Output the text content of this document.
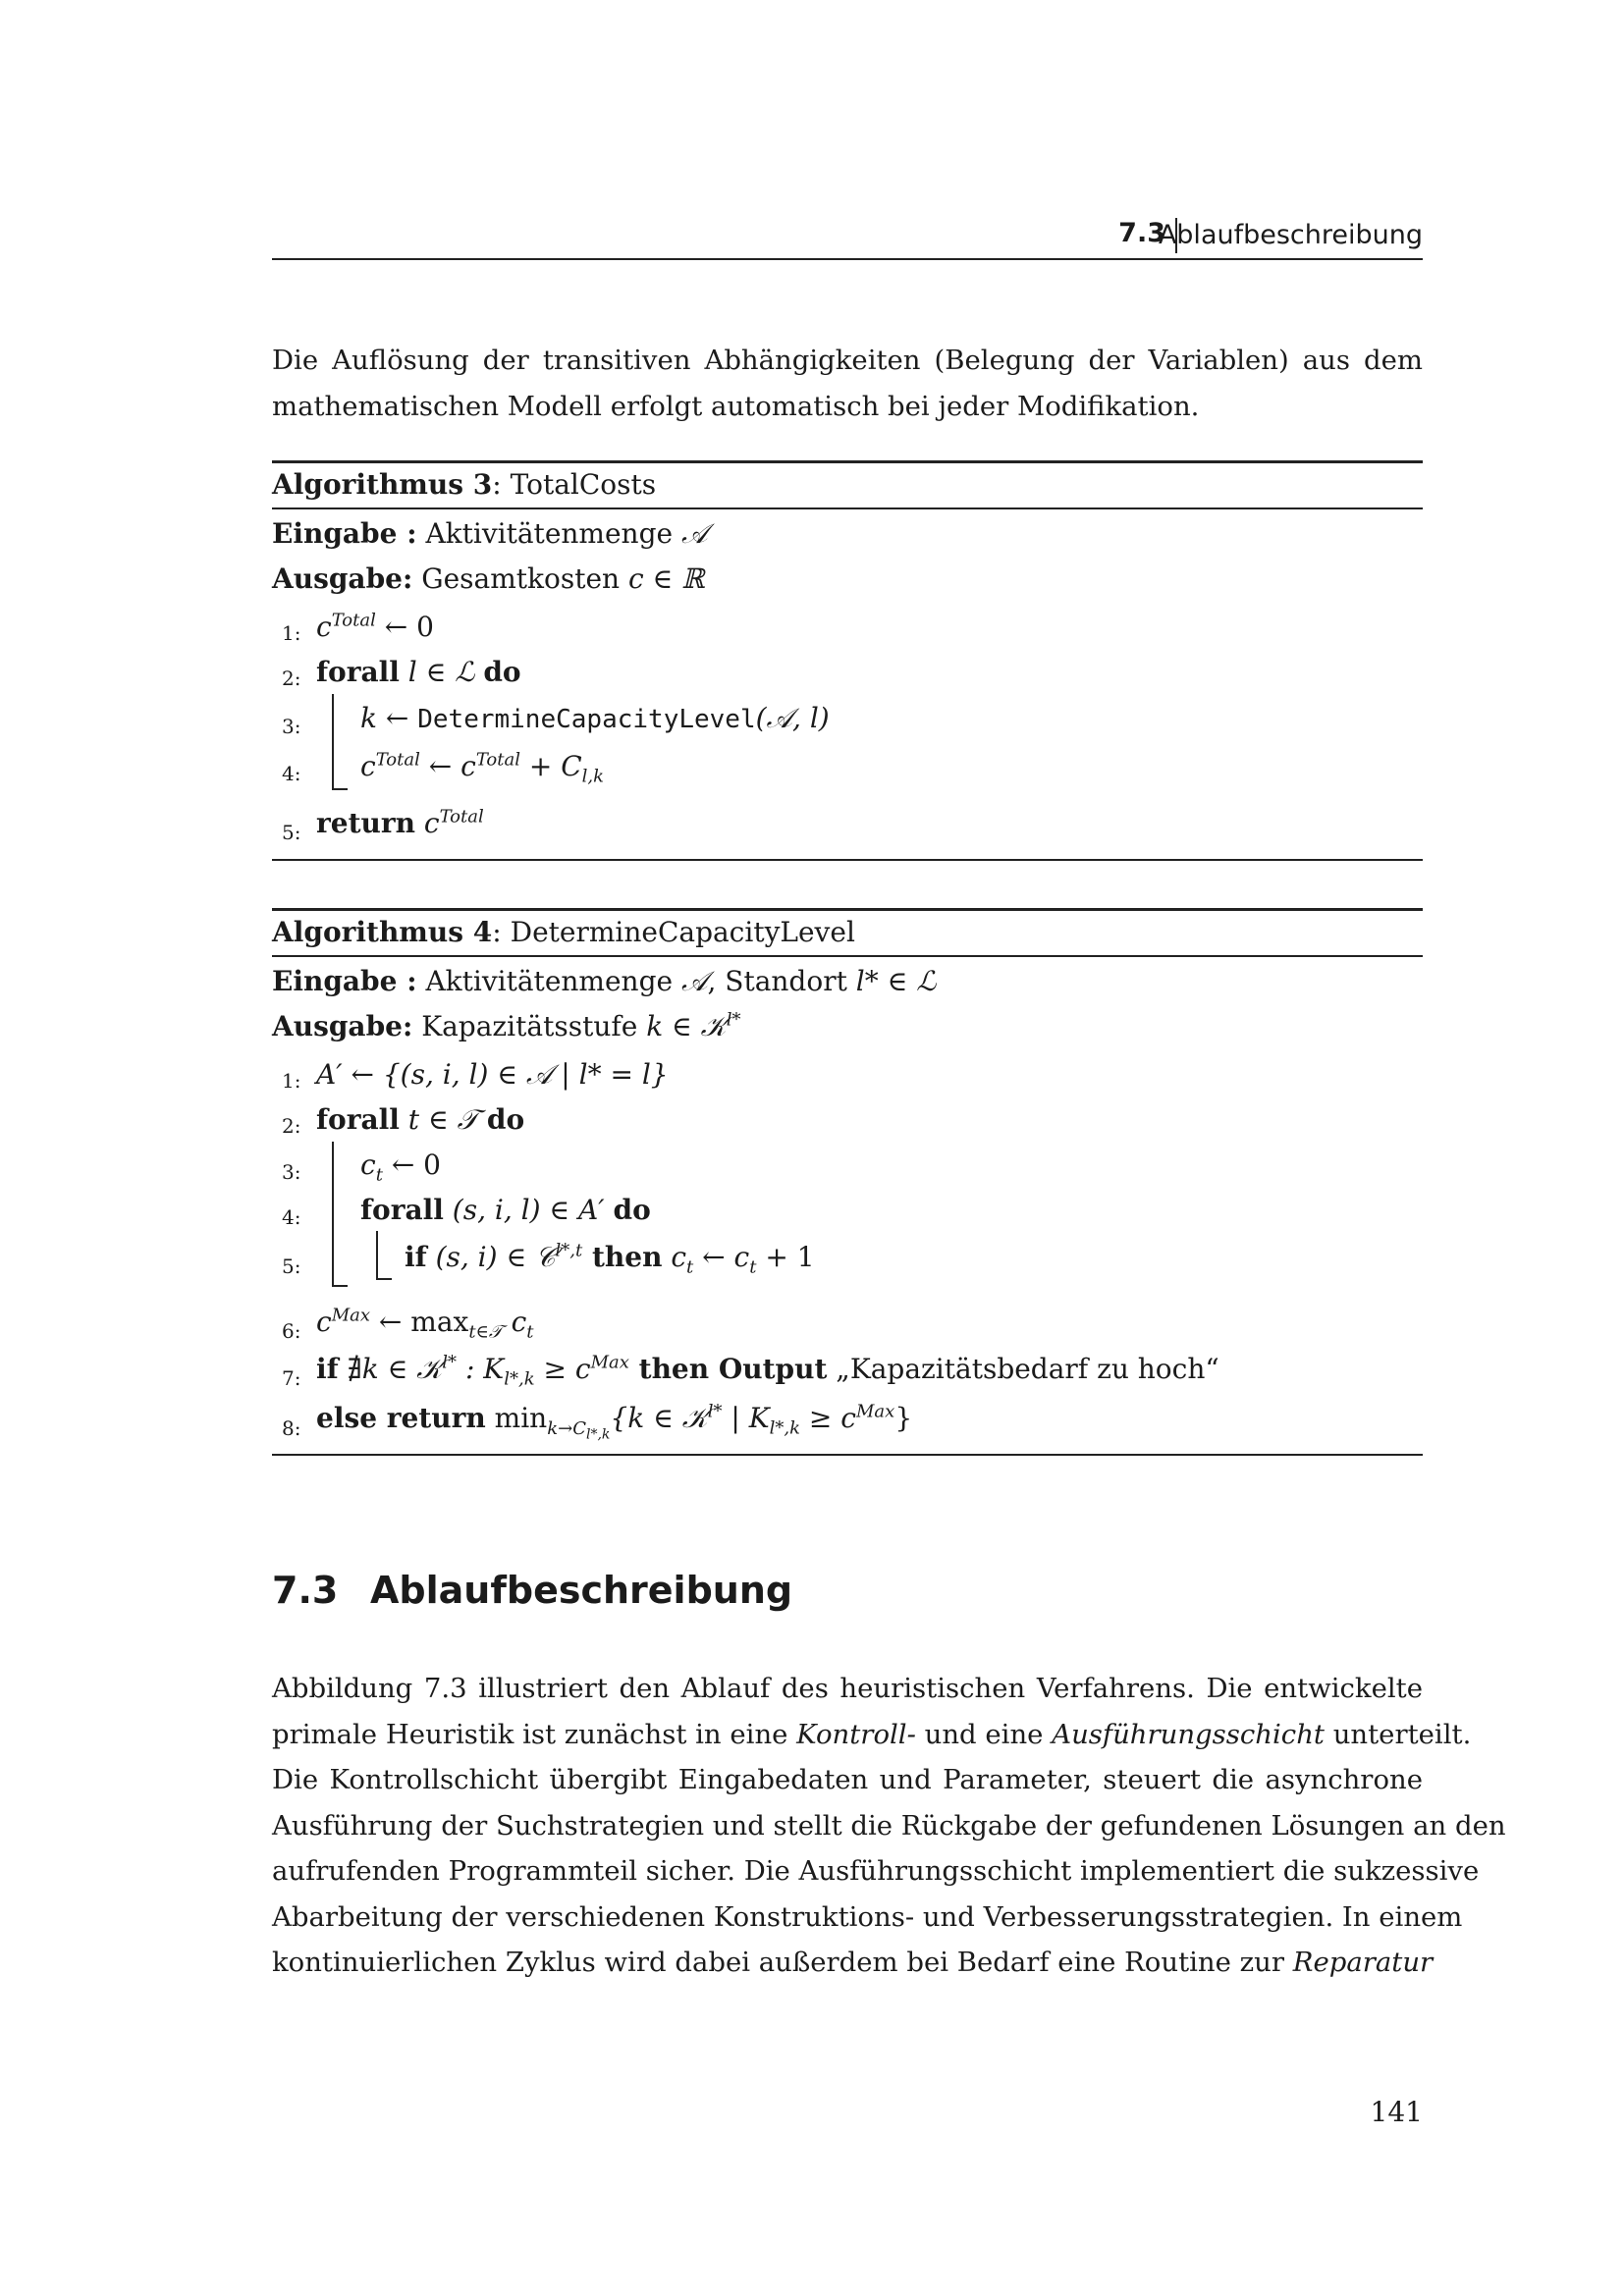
7.3
Ablaufbeschreibung
Die Auflösung der transitiven Abhängigkeiten (Belegung der Variablen) aus dem
mathematischen Modell erfolgt automatisch bei jeder Modifikation.
Algorithmus 3: TotalCosts
Eingabe : Aktivitätenmenge 𝒜
Ausgabe: Gesamtkosten c ∈ ℝ
1: $c^{Total}$ ← 0
2: forall l ∈ ℒ do
3: k ← DetermineCapacityLevel(𝒜, l)
4: $c^{Total}$ ← $c^{Total} + C_{l,k}$
5: return $c^{Total}$
Algorithmus 4: DetermineCapacityLevel
Eingabe : Aktivitätenmenge 𝒜, Standort l* ∈ ℒ
Ausgabe: Kapazitätsstufe k ∈ 𝒦$^{l*}$
1: A′ ← {(s, i, l) ∈ 𝒜 | l* = l}
2: forall t ∈ 𝒯 do
3: $c_t$ ← 0
4: forall (s, i, l) ∈ A′ do
5:	if (s, i) ∈ 𝒞$^{l*,t}$ then $c_t$ ← $c_t + 1$
6: $c^{Max}$ ← $\max_{t\in 𝒯} c_t$
7: if ∄k ∈ 𝒦$^{l*}$ : $K_{l*,k} \ge c^{Max}$ then Output „Kapazitätsbedarf zu hoch“
8: else return $\min_{k\to C_{l*,k}}\{k$ ∈ 𝒦$^{l*}$ | $K_{l*,k} \ge c^{Max}$}
7.3 Ablaufbeschreibung
Abbildung 7.3 illustriert den Ablauf des heuristischen Verfahrens. Die entwickelte
primale Heuristik ist zunächst in eine Kontroll- und eine Ausführungsschicht unterteilt.
Die Kontrollschicht übergibt Eingabedaten und Parameter, steuert die asynchrone
Ausführung der Suchstrategien und stellt die Rückgabe der gefundenen Lösungen an den
aufrufenden Programmteil sicher. Die Ausführungsschicht implementiert die sukzessive
Abarbeitung der verschiedenen Konstruktions- und Verbesserungsstrategien. In einem
kontinuierlichen Zyklus wird dabei außerdem bei Bedarf eine Routine zur Reparatur
141
